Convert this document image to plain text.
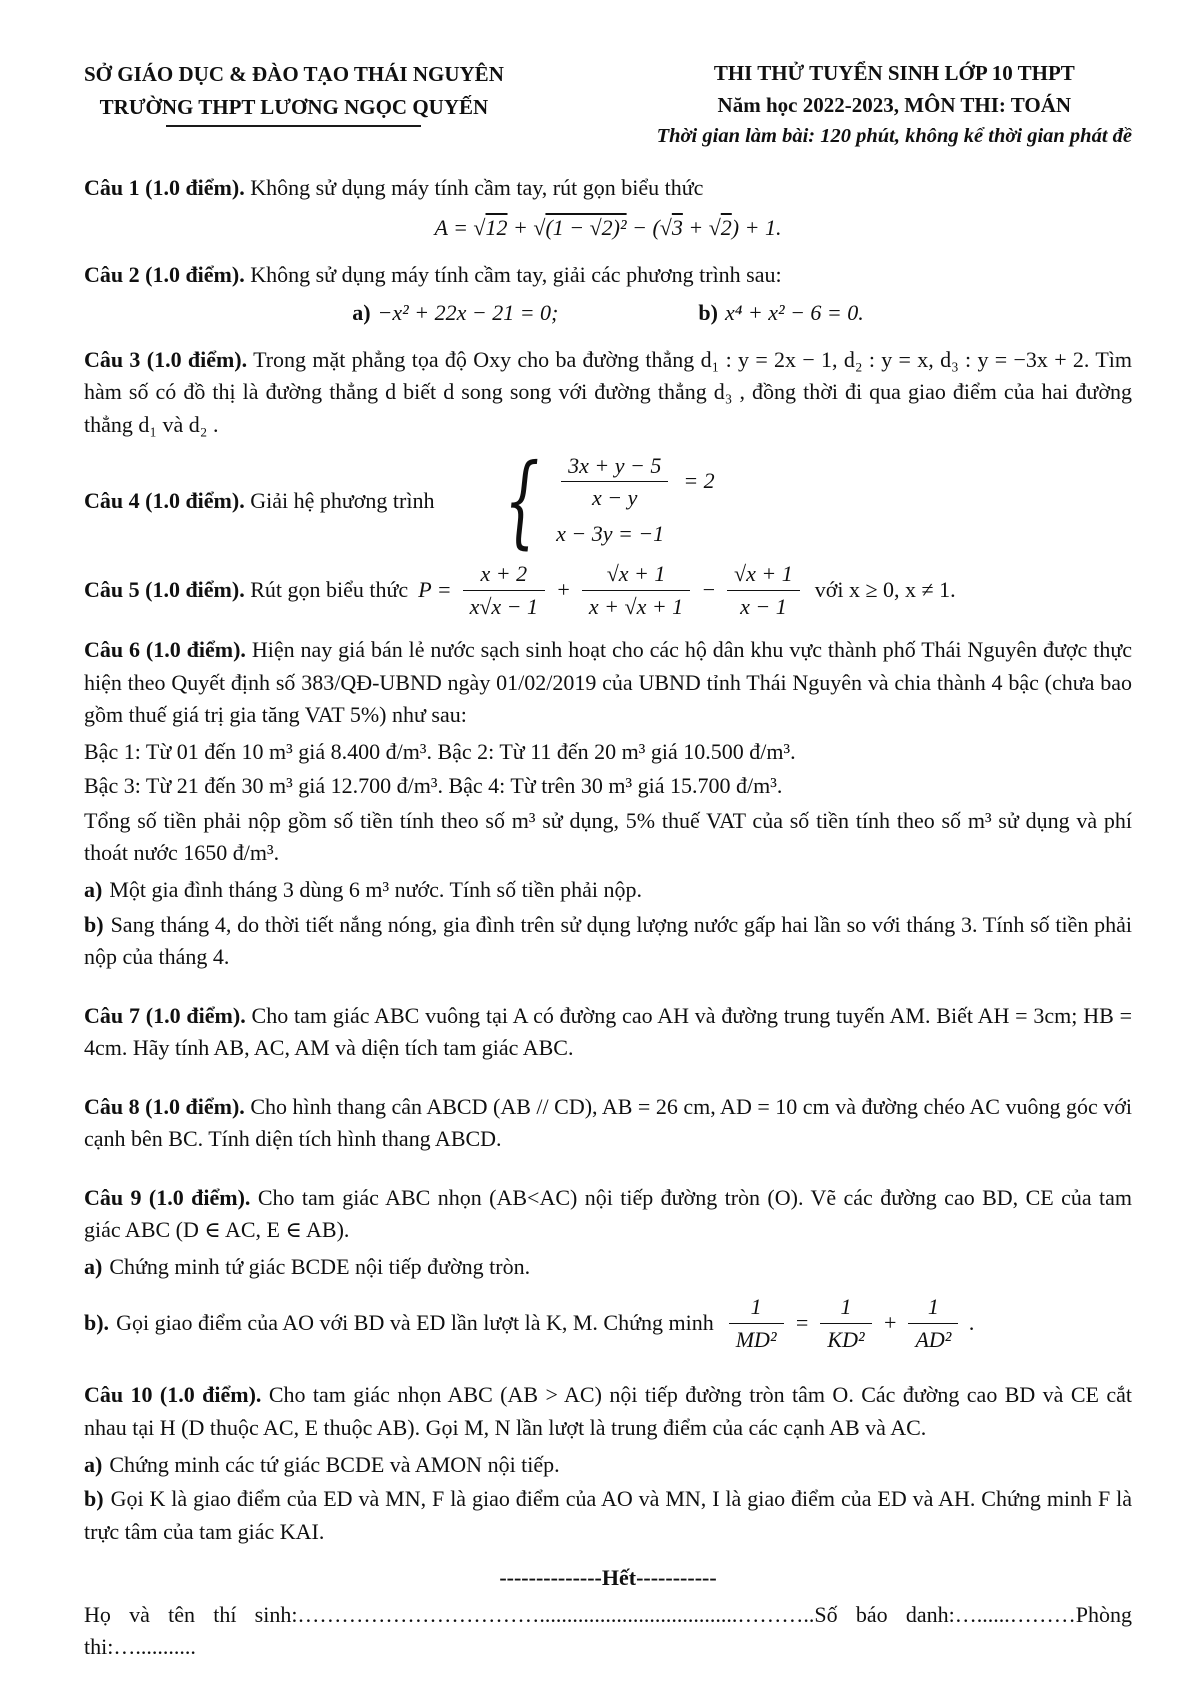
SỞ GIÁO DỤC & ĐÀO TẠO THÁI NGUYÊN
TRƯỜNG THPT LƯƠNG NGỌC QUYẾN
THI THỬ TUYỂN SINH LỚP 10 THPT
Năm học 2022-2023, MÔN THI: TOÁN
Thời gian làm bài: 120 phút, không kể thời gian phát đề

Câu 1 (1.0 điểm). Không sử dụng máy tính cầm tay, rút gọn biểu thức

A = √12 + √(1 − √2)² − (√3 + √2) + 1.

Câu 2 (1.0 điểm). Không sử dụng máy tính cầm tay, giải các phương trình sau:

a) −x² + 22x − 21 = 0;	b) x⁴ + x² − 6 = 0.

Câu 3 (1.0 điểm). Trong mặt phẳng tọa độ Oxy cho ba đường thẳng d₁ : y = 2x − 1, d₂ : y = x, d₃ : y = −3x + 2. Tìm hàm số có đồ thị là đường thẳng d biết d song song với đường thẳng d₃ , đồng thời đi qua giao điểm của hai đường thẳng d₁ và d₂ .

Câu 4 (1.0 điểm). Giải hệ phương trình { $\frac{3x + y - 5}{x - y} = 2$
x − 3y = −1
Câu 5 (1.0 điểm). Rút gọn biểu thức $P = \frac{x + 2}{x√x - 1} + \frac{√x + 1}{x + √x + 1} - \frac{√x + 1}{x - 1}$ với x ≥ 0, x ≠ 1.

Câu 6 (1.0 điểm). Hiện nay giá bán lẻ nước sạch sinh hoạt cho các hộ dân khu vực thành phố Thái Nguyên được thực hiện theo Quyết định số 383/QĐ-UBND ngày 01/02/2019 của UBND tỉnh Thái Nguyên và chia thành 4 bậc (chưa bao gồm thuế giá trị gia tăng VAT 5%) như sau:

Bậc 1: Từ 01 đến 10 m³ giá 8.400 đ/m³. Bậc 2: Từ 11 đến 20 m³ giá 10.500 đ/m³.

Bậc 3: Từ 21 đến 30 m³ giá 12.700 đ/m³. Bậc 4: Từ trên 30 m³ giá 15.700 đ/m³.

Tổng số tiền phải nộp gồm số tiền tính theo số m³ sử dụng, 5% thuế VAT của số tiền tính theo số m³ sử dụng và phí thoát nước 1650 đ/m³.

a) Một gia đình tháng 3 dùng 6 m³ nước. Tính số tiền phải nộp.

b) Sang tháng 4, do thời tiết nắng nóng, gia đình trên sử dụng lượng nước gấp hai lần so với tháng 3. Tính số tiền phải nộp của tháng 4.

Câu 7 (1.0 điểm). Cho tam giác ABC vuông tại A có đường cao AH và đường trung tuyến AM. Biết AH = 3cm; HB = 4cm. Hãy tính AB, AC, AM và diện tích tam giác ABC.

Câu 8 (1.0 điểm). Cho hình thang cân ABCD (AB // CD), AB = 26 cm, AD = 10 cm và đường chéo AC vuông góc với cạnh bên BC. Tính diện tích hình thang ABCD.

Câu 9 (1.0 điểm). Cho tam giác ABC nhọn (AB<AC) nội tiếp đường tròn (O). Vẽ các đường cao BD, CE của tam giác ABC (D ∈ AC, E ∈ AB).

a) Chứng minh tứ giác BCDE nội tiếp đường tròn.

b). Gọi giao điểm của AO với BD và ED lần lượt là K, M. Chứng minh $\frac{1}{\text{MD²}} = \frac{1}{\text{KD²}} + \frac{1}{\text{AD²}}$ .

Câu 10 (1.0 điểm). Cho tam giác nhọn ABC (AB > AC) nội tiếp đường tròn tâm O. Các đường cao BD và CE cắt nhau tại H (D thuộc AC, E thuộc AB). Gọi M, N lần lượt là trung điểm của các cạnh AB và AC.

a) Chứng minh các tứ giác BCDE và AMON nội tiếp.

b) Gọi K là giao điểm của ED và MN, F là giao điểm của AO và MN, I là giao điểm của ED và AH. Chứng minh F là trực tâm của tam giác KAI.

--------------Hết-----------
Họ và tên thí sinh:……………………………....................................………..Số báo danh:…......………Phòng thi:…...........
